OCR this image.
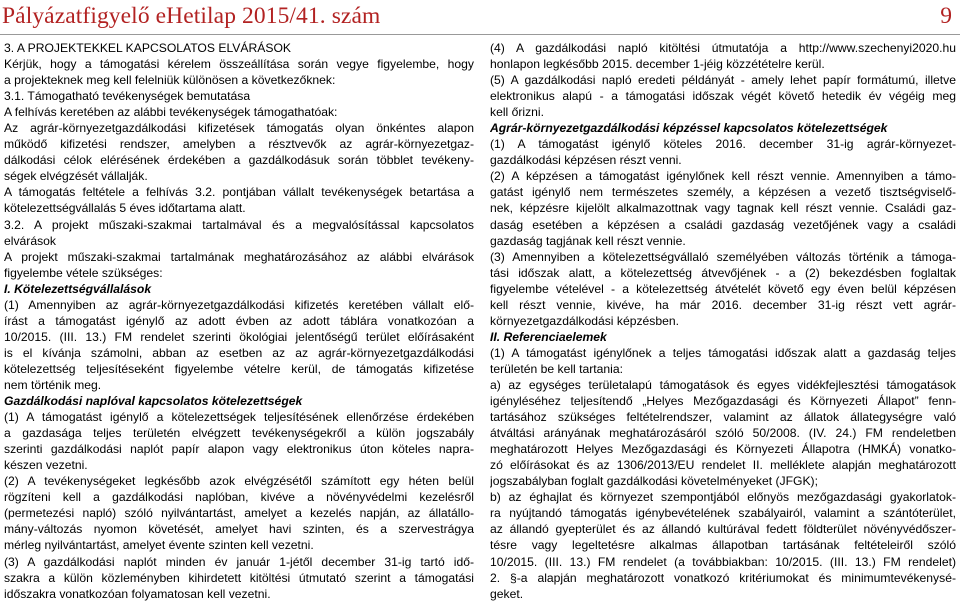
Pályázatfigyelő eHetilap 2015/41. szám	9
3. A PROJEKTEKKEL KAPCSOLATOS ELVÁRÁSOK
Kérjük, hogy a támogatási kérelem összeállítása során vegye figyelembe, hogy
a projekteknek meg kell felelniük különösen a következőknek:
3.1. Támogatható tevékenységek bemutatása
A felhívás keretében az alábbi tevékenységek támogathatóak:
Az agrár-környezetgazdálkodási kifizetések támogatás olyan önkéntes alapon
működő kifizetési rendszer, amelyben a résztvevők az agrár-környezetgaz-
dálkodási célok elérésének érdekében a gazdálkodásuk során többlet tevékeny-
ségek elvégzését vállalják.
A támogatás feltétele a felhívás 3.2. pontjában vállalt tevékenységek betartása a
kötelezettségvállalás 5 éves időtartama alatt.
3.2. A projekt műszaki-szakmai tartalmával és a megvalósítással kapcsolatos
elvárások
A projekt műszaki-szakmai tartalmának meghatározásához az alábbi elvárások
figyelembe vétele szükséges:
I. Kötelezettségvállalások
(1) Amennyiben az agrár-környezetgazdálkodási kifizetés keretében vállalt elő-
írást a támogatást igénylő az adott évben az adott táblára vonatkozóan a
10/2015. (III. 13.) FM rendelet szerinti ökológiai jelentőségű terület előírásaként
is el kívánja számolni, abban az esetben az az agrár-környezetgazdálkodási
kötelezettség teljesítéseként figyelembe vételre kerül, de támogatás kifizetése
nem történik meg.
Gazdálkodási naplóval kapcsolatos kötelezettségek
(1) A támogatást igénylő a kötelezettségek teljesítésének ellenőrzése érdekében
a gazdasága teljes területén elvégzett tevékenységekről a külön jogszabály
szerinti gazdálkodási naplót papír alapon vagy elektronikus úton köteles napra-
készen vezetni.
(2) A tevékenységeket legkésőbb azok elvégzésétől számított egy héten belül
rögzíteni kell a gazdálkodási naplóban, kivéve a növényvédelmi kezelésről
(permetezési napló) szóló nyilvántartást, amelyet a kezelés napján, az állatállo-
mány-változás nyomon követését, amelyet havi szinten, és a szervestrágya
mérleg nyilvántartást, amelyet évente szinten kell vezetni.
(3) A gazdálkodási naplót minden év január 1-jétől december 31-ig tartó idő-
szakra a külön közleményben kihirdetett kitöltési útmutató szerint a támogatási
időszakra vonatkozóan folyamatosan kell vezetni.
(4) A gazdálkodási napló kitöltési útmutatója a http://www.szechenyi2020.hu
honlapon legkésőbb 2015. december 1-jéig közzétételre kerül.
(5) A gazdálkodási napló eredeti példányát - amely lehet papír formátumú, illetve
elektronikus alapú - a támogatási időszak végét követő hetedik év végéig meg
kell őrizni.
Agrár-környezetgazdálkodási képzéssel kapcsolatos kötelezettségek
(1) A támogatást igénylő köteles 2016. december 31-ig agrár-környezet-
gazdálkodási képzésen részt venni.
(2) A képzésen a támogatást igénylőnek kell részt vennie. Amennyiben a támo-
gatást igénylő nem természetes személy, a képzésen a vezető tisztségviselő-
nek, képzésre kijelölt alkalmazottnak vagy tagnak kell részt vennie. Családi gaz-
daság esetében a képzésen a családi gazdaság vezetőjének vagy a családi
gazdaság tagjának kell részt vennie.
(3) Amennyiben a kötelezettségvállaló személyében változás történik a támoga-
tási időszak alatt, a kötelezettség átvevőjének - a (2) bekezdésben foglaltak
figyelembe vételével - a kötelezettség átvételét követő egy éven belül képzésen
kell részt vennie, kivéve, ha már 2016. december 31-ig részt vett agrár-
környezetgazdálkodási képzésben.
II. Referenciaelemek
(1) A támogatást igénylőnek a teljes támogatási időszak alatt a gazdaság teljes
területén be kell tartania:
a) az egységes területalapú támogatások és egyes vidékfejlesztési támogatások
igényléséhez teljesítendő „Helyes Mezőgazdasági és Környezeti Állapot” fenn-
tartásához szükséges feltételrendszer, valamint az állatok állategységre való
átváltási arányának meghatározásáról szóló 50/2008. (IV. 24.) FM rendeletben
meghatározott Helyes Mezőgazdasági és Környezeti Állapotra (HMKÁ) vonatko-
zó előírásokat és az 1306/2013/EU rendelet II. melléklete alapján meghatározott
jogszabályban foglalt gazdálkodási követelményeket (JFGK);
b) az éghajlat és környezet szempontjából előnyös mezőgazdasági gyakorlatok-
ra nyújtandó támogatás igénybevételének szabályairól, valamint a szántóterület,
az állandó gyepterület és az állandó kultúrával fedett földterület növényvédőszer-
tésre vagy legeltetésre alkalmas állapotban tartásának feltételeiről szóló
10/2015. (III. 13.) FM rendelet (a továbbiakban: 10/2015. (III. 13.) FM rendelet)
2. §-a alapján meghatározott vonatkozó kritériumokat és minimumtevékenysé-
geket.
